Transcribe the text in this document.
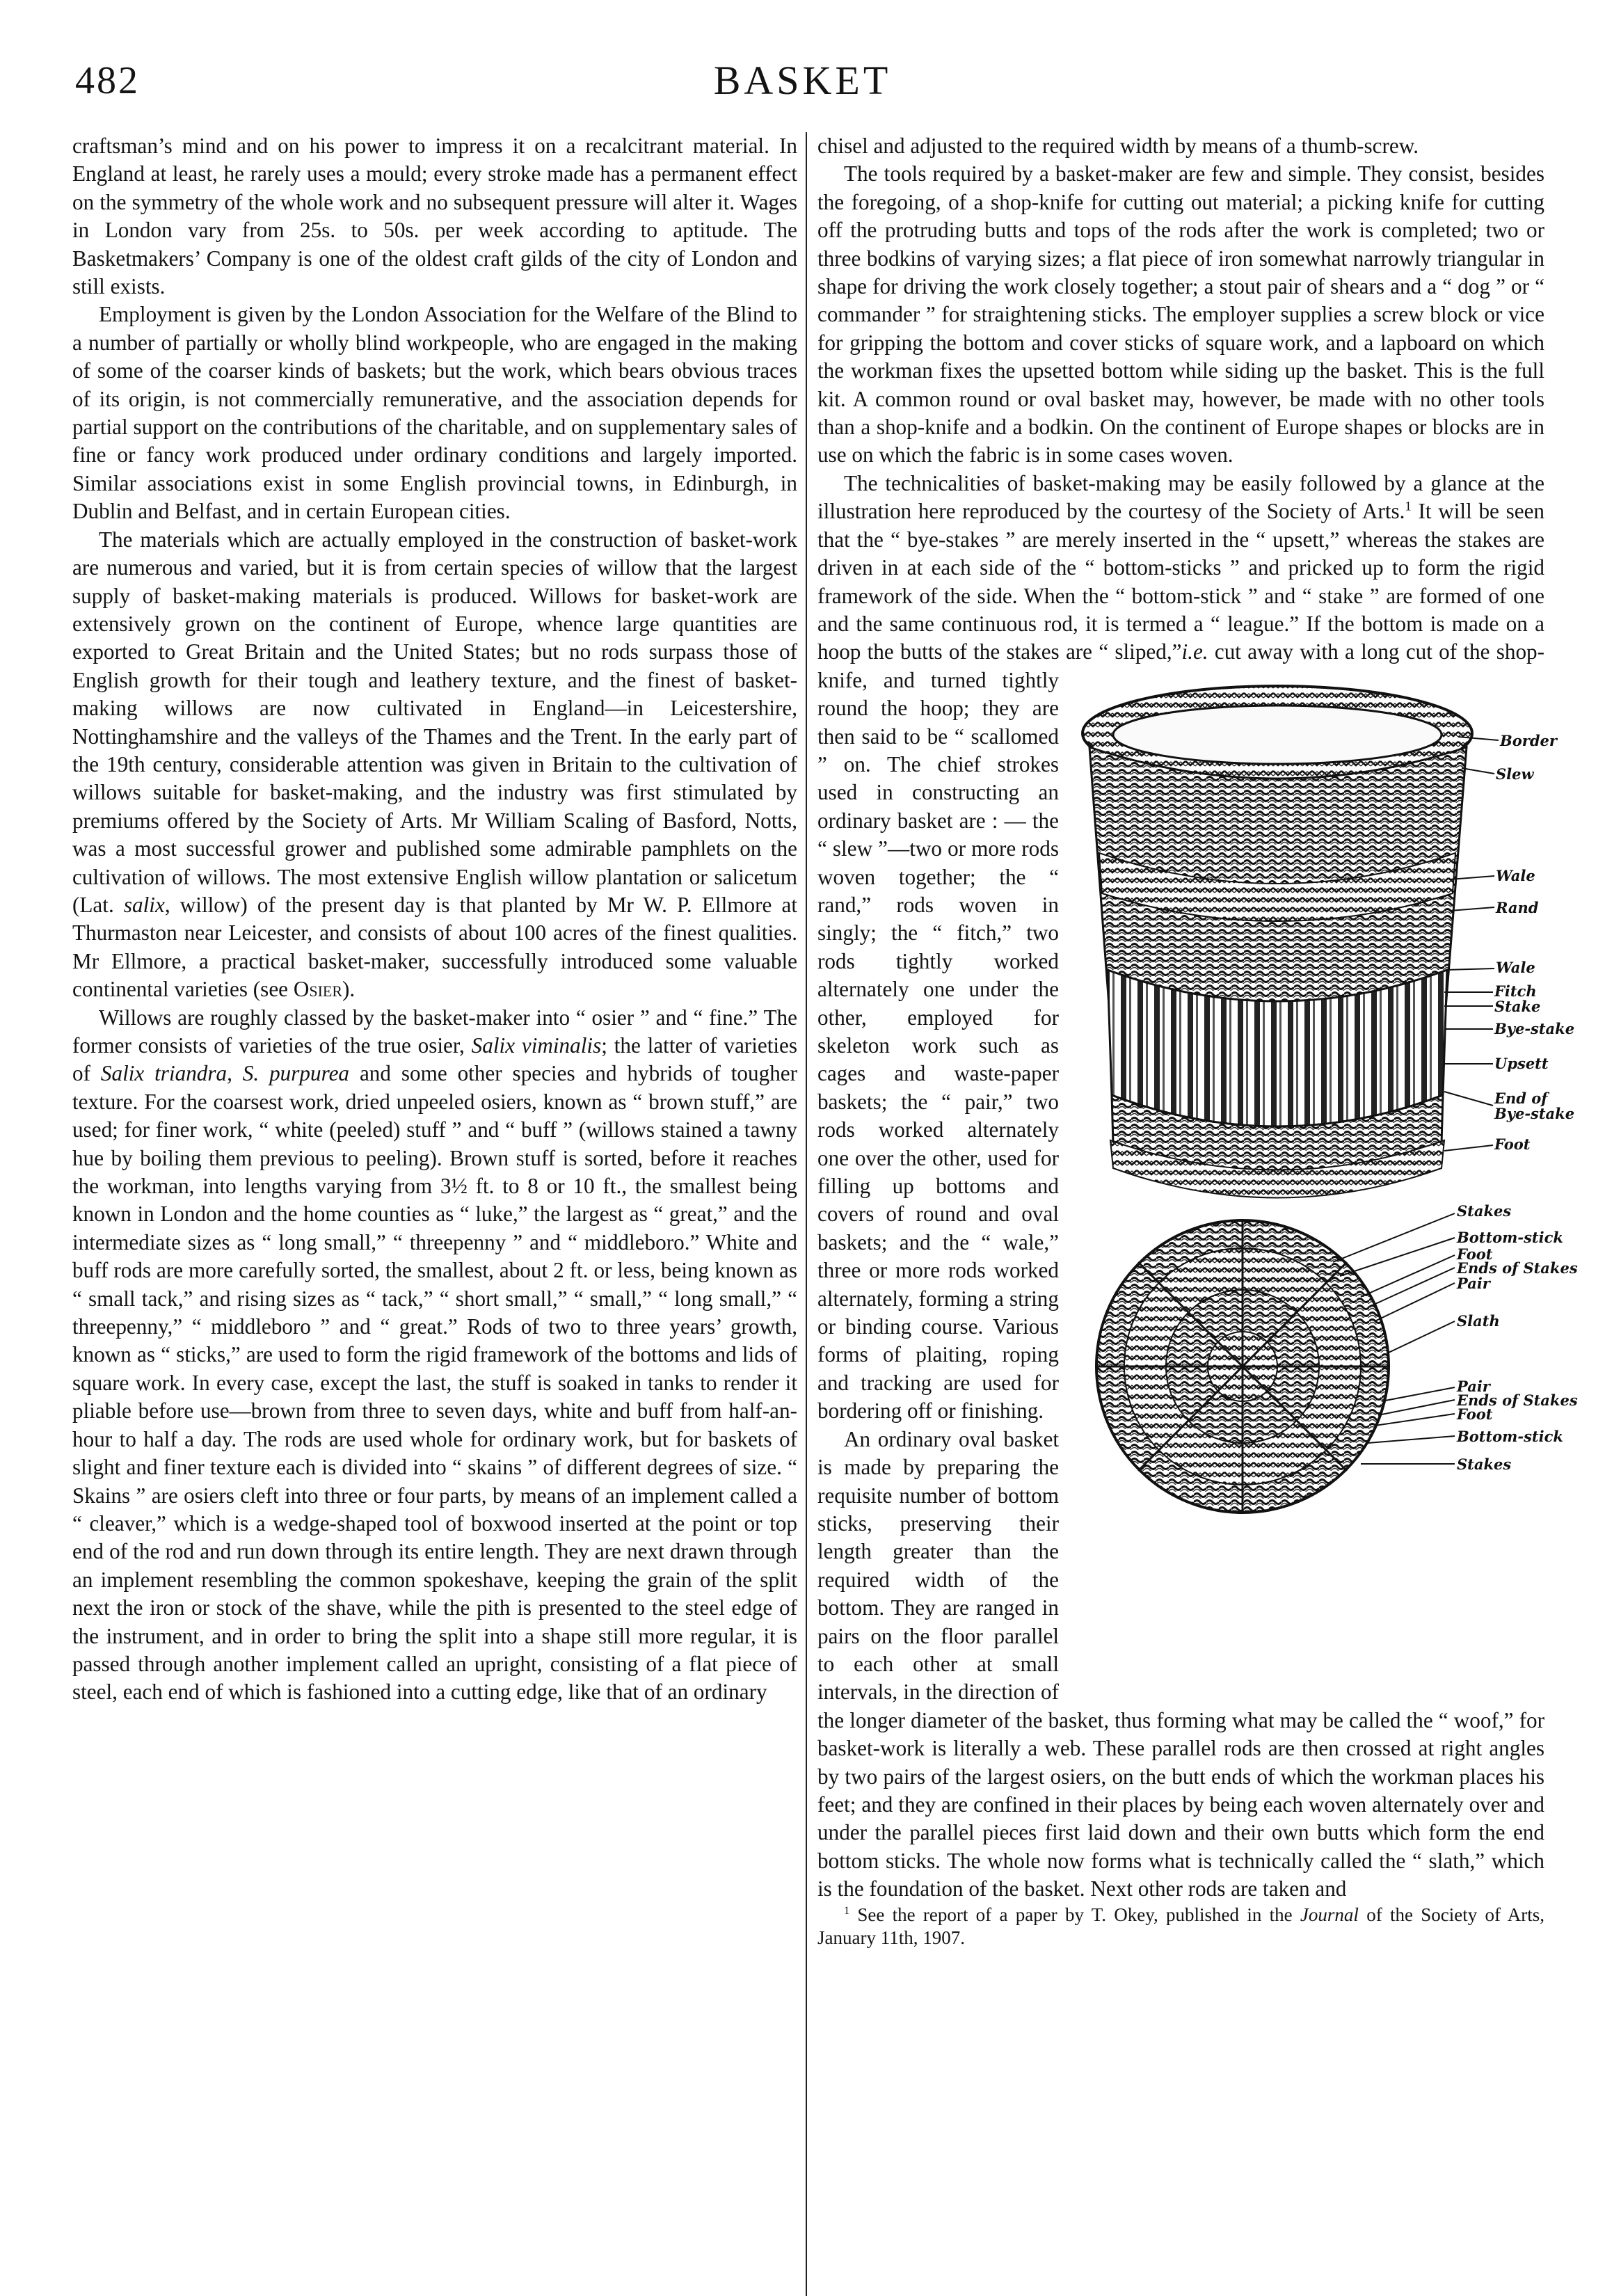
482	BASKET

craftsman’s mind and on his power to impress it on a recalcitrant material. In England at least, he rarely uses a mould; every stroke made has a permanent effect on the symmetry of the whole work and no subsequent pressure will alter it. Wages in London vary from 25s. to 50s. per week according to aptitude. The Basketmakers’ Company is one of the oldest craft gilds of the city of London and still exists.

Employment is given by the London Association for the Welfare of the Blind to a number of partially or wholly blind workpeople, who are engaged in the making of some of the coarser kinds of baskets; but the work, which bears obvious traces of its origin, is not commercially remunerative, and the association depends for partial support on the contributions of the charitable, and on supplementary sales of fine or fancy work produced under ordinary conditions and largely imported. Similar associations exist in some English provincial towns, in Edinburgh, in Dublin and Belfast, and in certain European cities.

The materials which are actually employed in the construction of basket-work are numerous and varied, but it is from certain species of willow that the largest supply of basket-making materials is produced. Willows for basket-work are extensively grown on the continent of Europe, whence large quantities are exported to Great Britain and the United States; but no rods surpass those of English growth for their tough and leathery texture, and the finest of basket-making willows are now cultivated in England—in Leicestershire, Nottinghamshire and the valleys of the Thames and the Trent. In the early part of the 19th century, considerable attention was given in Britain to the cultivation of willows suitable for basket-making, and the industry was first stimulated by premiums offered by the Society of Arts. Mr William Scaling of Basford, Notts, was a most successful grower and published some admirable pamphlets on the cultivation of willows. The most extensive English willow plantation or salicetum (Lat. salix, willow) of the present day is that planted by Mr W. P. Ellmore at Thurmaston near Leicester, and consists of about 100 acres of the finest qualities. Mr Ellmore, a practical basket-maker, successfully introduced some valuable continental varieties (see Osier).

Willows are roughly classed by the basket-maker into “ osier ” and “ fine.” The former consists of varieties of the true osier, Salix viminalis; the latter of varieties of Salix triandra, S. purpurea and some other species and hybrids of tougher texture. For the coarsest work, dried unpeeled osiers, known as “ brown stuff,” are used; for finer work, “ white (peeled) stuff ” and “ buff ” (willows stained a tawny hue by boiling them previous to peeling). Brown stuff is sorted, before it reaches the workman, into lengths varying from 3½ ft. to 8 or 10 ft., the smallest being known in London and the home counties as “ luke,” the largest as “ great,” and the intermediate sizes as “ long small,” “ threepenny ” and “ middleboro.” White and buff rods are more carefully sorted, the smallest, about 2 ft. or less, being known as “ small tack,” and rising sizes as “ tack,” “ short small,” “ small,” “ long small,” “ threepenny,” “ middleboro ” and “ great.” Rods of two to three years’ growth, known as “ sticks,” are used to form the rigid framework of the bottoms and lids of square work. In every case, except the last, the stuff is soaked in tanks to render it pliable before use—brown from three to seven days, white and buff from half-an-hour to half a day. The rods are used whole for ordinary work, but for baskets of slight and finer texture each is divided into “ skains ” of different degrees of size. “ Skains ” are osiers cleft into three or four parts, by means of an implement called a “ cleaver,” which is a wedge-shaped tool of boxwood inserted at the point or top end of the rod and run down through its entire length. They are next drawn through an implement resembling the common spokeshave, keeping the grain of the split next the iron or stock of the shave, while the pith is presented to the steel edge of the instrument, and in order to bring the split into a shape still more regular, it is passed through another implement called an upright, consisting of a flat piece of steel, each end of which is fashioned into a cutting edge, like that of an ordinary

chisel and adjusted to the required width by means of a thumb-screw.

The tools required by a basket-maker are few and simple. They consist, besides the foregoing, of a shop-knife for cutting out material; a picking knife for cutting off the protruding butts and tops of the rods after the work is completed; two or three bodkins of varying sizes; a flat piece of iron somewhat narrowly triangular in shape for driving the work closely together; a stout pair of shears and a “ dog ” or “ commander ” for straightening sticks. The employer supplies a screw block or vice for gripping the bottom and cover sticks of square work, and a lapboard on which the workman fixes the upsetted bottom while siding up the basket. This is the full kit. A common round or oval basket may, however, be made with no other tools than a shop-knife and a bodkin. On the continent of Europe shapes or blocks are in use on which the fabric is in some cases woven.

The technicalities of basket-making may be easily followed by a glance at the illustration here reproduced by the courtesy of the Society of Arts.$^1$ It will be seen that the “ bye-stakes ” are merely inserted in the “ upsett,” whereas the stakes are driven in at each side of the “ bottom-sticks ” and pricked up to form the rigid framework of the side. When the “ bottom-stick ” and “ stake ” are formed of one and the same continuous rod, it is termed a “ league.” If the bottom is made on a hoop the butts of the stakes are “ sliped,”
Border
Slew
Wale
Rand
Wale
Fitch
Stake
Bye-stake
Upsett
End of
Bye-stake
Foot
Stakes
Bottom-stick
Foot
Ends of Stakes
Pair
Slath
Pair
Ends of Stakes
Foot
Bottom-stick
Stakes
i.e. cut away with a long cut of the shop-knife, and turned tightly round the hoop; they are then said to be “ scallomed ” on. The chief strokes used in constructing an ordinary basket are : — the “ slew ”—two or more rods woven together; the “ rand,” rods woven in singly; the “ fitch,” two rods tightly worked alternately one under the other, employed for skeleton work such as cages and waste-paper baskets; the “ pair,” two rods worked alternately one over the other, used for filling up bottoms and covers of round and oval baskets; and the “ wale,” three or more rods worked alternately, forming a string or binding course. Various forms of plaiting, roping and tracking are used for bordering off or finishing.

An ordinary oval basket is made by preparing the requisite number of bottom sticks, preserving their length greater than the required width of the bottom. They are ranged in pairs on the floor parallel to each other at small intervals, in the direction of the longer diameter of the basket, thus forming what may be called the “ woof,” for basket-work is literally a web. These parallel rods are then crossed at right angles by two pairs of the largest osiers, on the butt ends of which the workman places his feet; and they are confined in their places by being each woven alternately over and under the parallel pieces first laid down and their own butts which form the end bottom sticks. The whole now forms what is technically called the “ slath,” which is the foundation of the basket. Next other rods are taken and

$^1$ See the report of a paper by T. Okey, published in the Journal of the Society of Arts, January 11th, 1907.
